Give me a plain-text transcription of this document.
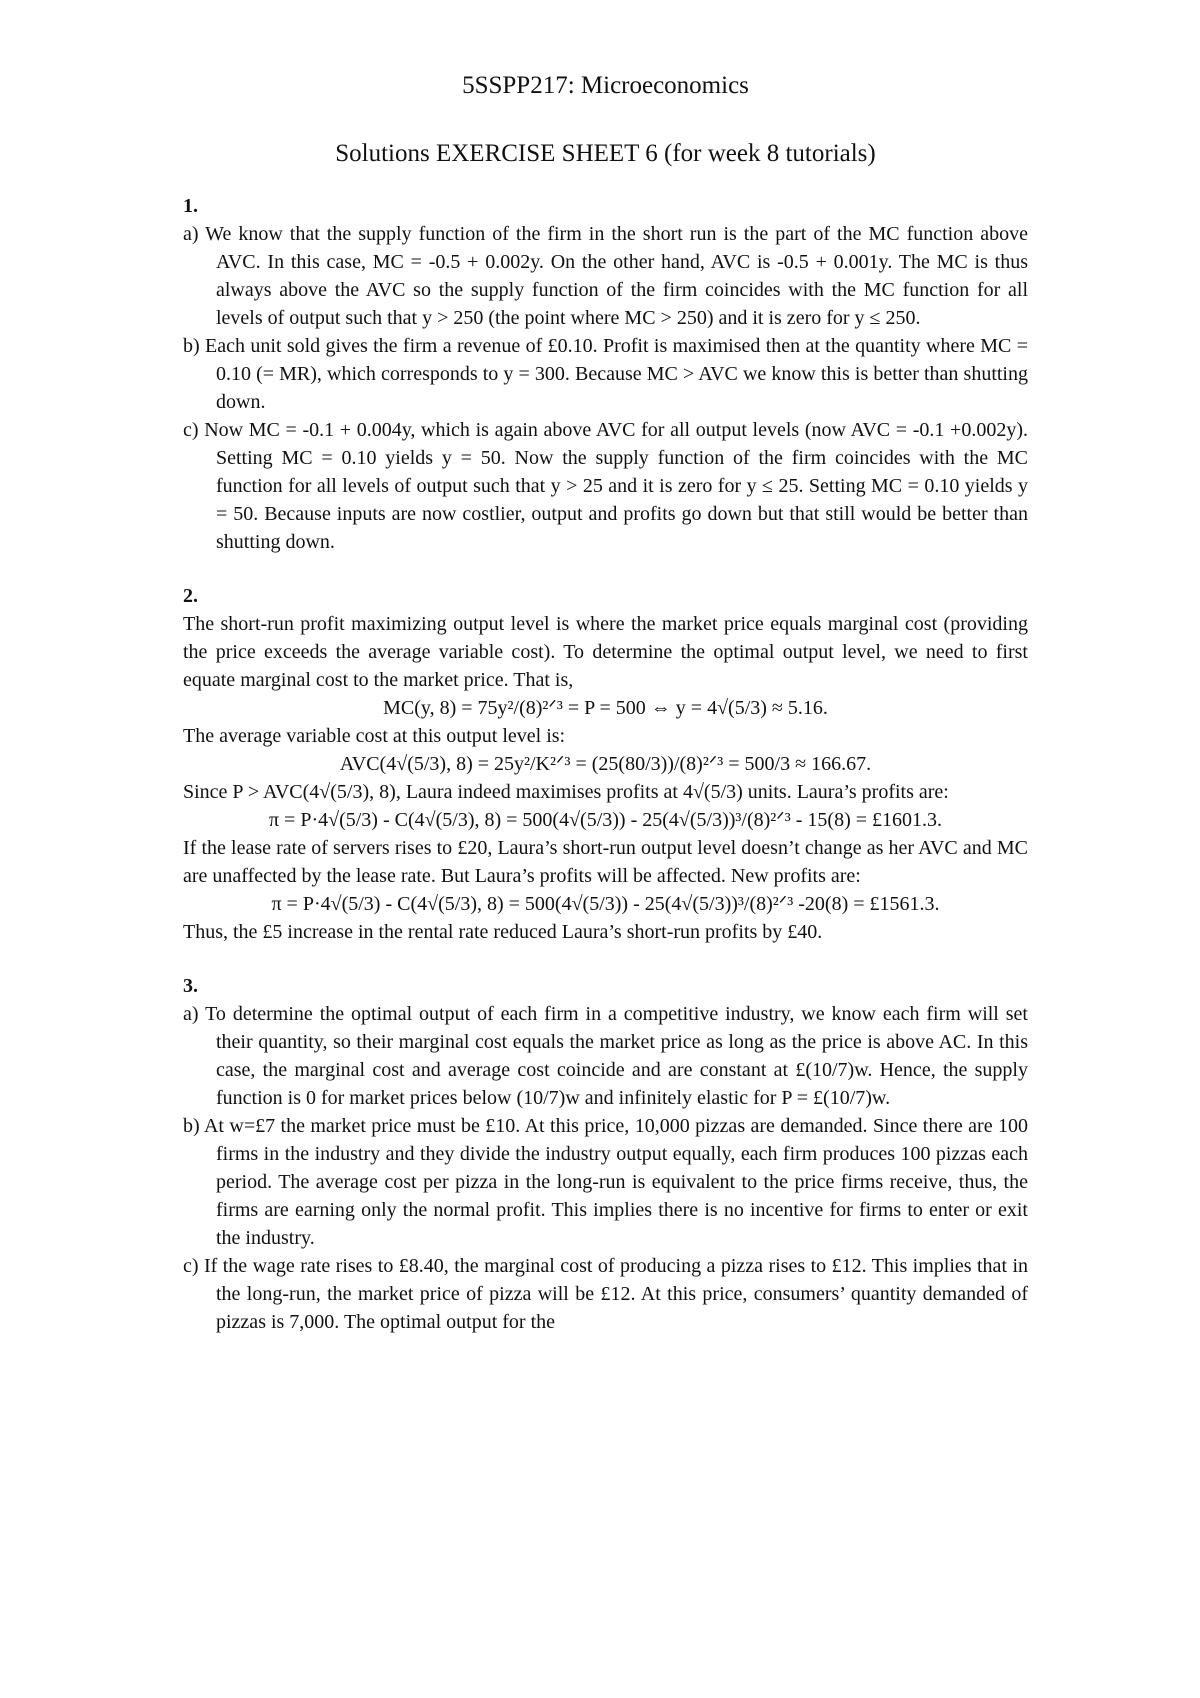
5SSPP217: Microeconomics
Solutions EXERCISE SHEET 6 (for week 8 tutorials)
1.
a) We know that the supply function of the firm in the short run is the part of the MC function above AVC. In this case, MC = -0.5 + 0.002y. On the other hand, AVC is -0.5 + 0.001y. The MC is thus always above the AVC so the supply function of the firm coincides with the MC function for all levels of output such that y > 250 (the point where MC > 250) and it is zero for y ≤ 250.
b) Each unit sold gives the firm a revenue of £0.10. Profit is maximised then at the quantity where MC = 0.10 (= MR), which corresponds to y = 300. Because MC > AVC we know this is better than shutting down.
c) Now MC = -0.1 + 0.004y, which is again above AVC for all output levels (now AVC = -0.1 +0.002y). Setting MC = 0.10 yields y = 50. Now the supply function of the firm coincides with the MC function for all levels of output such that y > 25 and it is zero for y ≤ 25. Setting MC = 0.10 yields y = 50. Because inputs are now costlier, output and profits go down but that still would be better than shutting down.
2.
The short-run profit maximizing output level is where the market price equals marginal cost (providing the price exceeds the average variable cost). To determine the optimal output level, we need to first equate marginal cost to the market price. That is,
MC(y, 8) = 75y²/(8)²ᐟ³ = P = 500 ⇔ y = 4√(5/3) ≈ 5.16.
The average variable cost at this output level is:
AVC(4√(5/3), 8) = 25y²/K²ᐟ³ = (25(80/3))/(8)²ᐟ³ = 500/3 ≈ 166.67.
Since P > AVC(4√(5/3), 8), Laura indeed maximises profits at 4√(5/3) units. Laura’s profits are:
π = P·4√(5/3) - C(4√(5/3), 8) = 500(4√(5/3)) - 25(4√(5/3))³/(8)²ᐟ³ - 15(8) = £1601.3.
If the lease rate of servers rises to £20, Laura’s short-run output level doesn’t change as her AVC and MC are unaffected by the lease rate. But Laura’s profits will be affected. New profits are:
π = P·4√(5/3) - C(4√(5/3), 8) = 500(4√(5/3)) - 25(4√(5/3))³/(8)²ᐟ³ -20(8) = £1561.3.
Thus, the £5 increase in the rental rate reduced Laura’s short-run profits by £40.
3.
a) To determine the optimal output of each firm in a competitive industry, we know each firm will set their quantity, so their marginal cost equals the market price as long as the price is above AC. In this case, the marginal cost and average cost coincide and are constant at £(10/7)w. Hence, the supply function is 0 for market prices below (10/7)w and infinitely elastic for P = £(10/7)w.
b) At w=£7 the market price must be £10. At this price, 10,000 pizzas are demanded. Since there are 100 firms in the industry and they divide the industry output equally, each firm produces 100 pizzas each period. The average cost per pizza in the long-run is equivalent to the price firms receive, thus, the firms are earning only the normal profit. This implies there is no incentive for firms to enter or exit the industry.
c) If the wage rate rises to £8.40, the marginal cost of producing a pizza rises to £12. This implies that in the long-run, the market price of pizza will be £12. At this price, consumers’ quantity demanded of pizzas is 7,000. The optimal output for the
